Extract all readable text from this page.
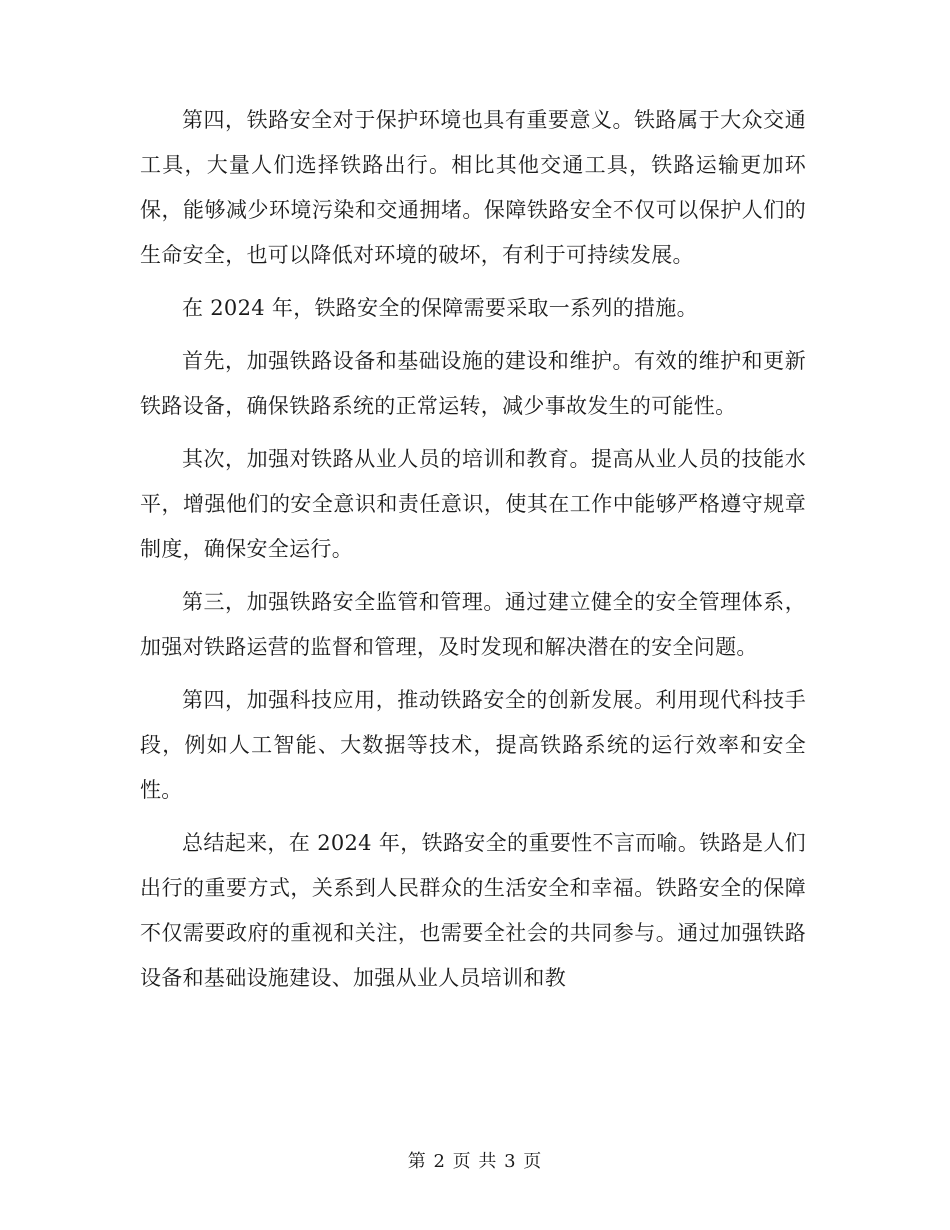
第四，铁路安全对于保护环境也具有重要意义。铁路属于大众交通工具，大量人们选择铁路出行。相比其他交通工具，铁路运输更加环保，能够减少环境污染和交通拥堵。保障铁路安全不仅可以保护人们的生命安全，也可以降低对环境的破坏，有利于可持续发展。

在 2024 年，铁路安全的保障需要采取一系列的措施。

首先，加强铁路设备和基础设施的建设和维护。有效的维护和更新铁路设备，确保铁路系统的正常运转，减少事故发生的可能性。

其次，加强对铁路从业人员的培训和教育。提高从业人员的技能水平，增强他们的安全意识和责任意识，使其在工作中能够严格遵守规章制度，确保安全运行。

第三，加强铁路安全监管和管理。通过建立健全的安全管理体系，加强对铁路运营的监督和管理，及时发现和解决潜在的安全问题。

第四，加强科技应用，推动铁路安全的创新发展。利用现代科技手段，例如人工智能、大数据等技术，提高铁路系统的运行效率和安全性。

总结起来，在 2024 年，铁路安全的重要性不言而喻。铁路是人们出行的重要方式，关系到人民群众的生活安全和幸福。铁路安全的保障不仅需要政府的重视和关注，也需要全社会的共同参与。通过加强铁路设备和基础设施建设、加强从业人员培训和教

第 2 页 共 3 页
